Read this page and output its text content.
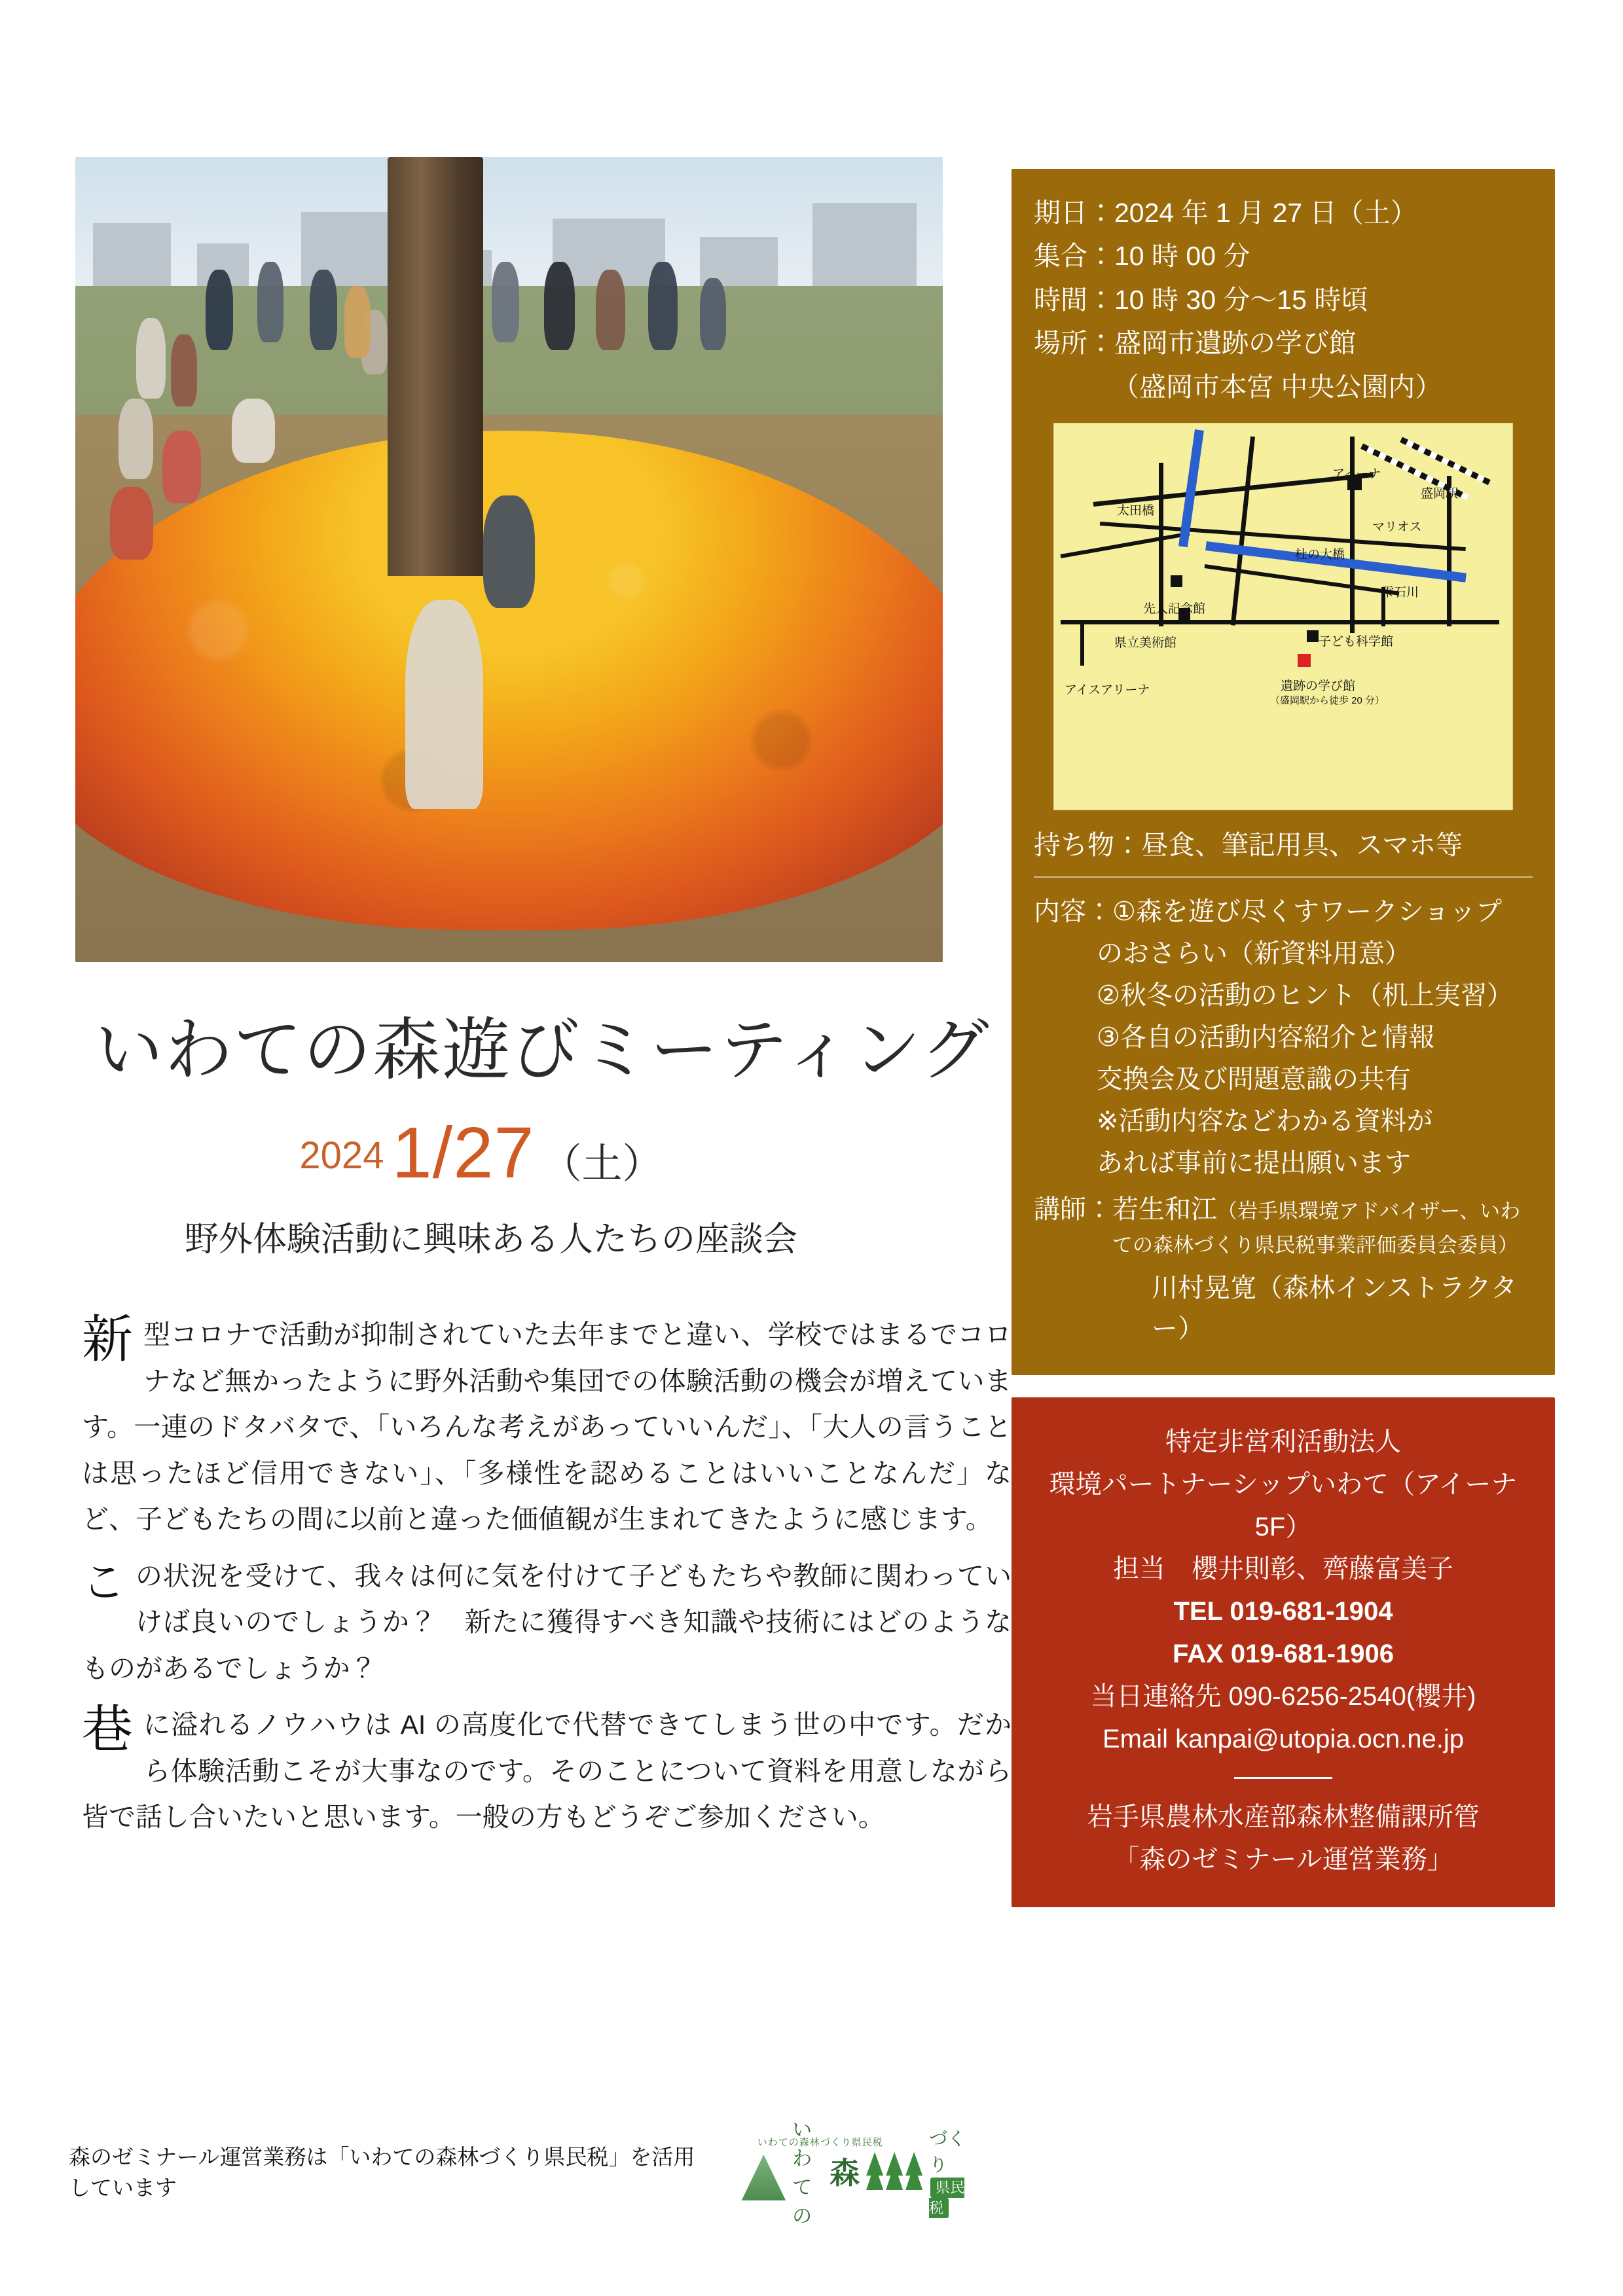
いわての森遊びミーティング
2024 1/27 （土）
野外体験活動に興味ある人たちの座談会
新 型コロナで活動が抑制されていた去年までと違い、学校ではまるでコロナなど無かったように野外活動や集団での体験活動の機会が増えています。一連のドタバタで、「いろんな考えがあっていいんだ」、「大人の言うことは思ったほど信用できない」、「多様性を認めることはいいことなんだ」など、子どもたちの間に以前と違った価値観が生まれてきたように感じます。
こ の状況を受けて、我々は何に気を付けて子どもたちや教師に関わっていけば良いのでしょうか？　新たに獲得すべき知識や技術にはどのようなものがあるでしょうか？
巷 に溢れるノウハウは AI の高度化で代替できてしまう世の中です。だから体験活動こそが大事なのです。そのことについて資料を用意しながら皆で話し合いたいと思います。一般の方もどうぞご参加ください。
森のゼミナール運営業務は「いわての森林づくり県民税」を活用しています
いわての森林づくり県民税
いわ
ての
森
づくり
県民税
期日：2024 年 1 月 27 日（土）
集合：10 時 00 分
時間：10 時 30 分〜15 時頃
場所：盛岡市遺跡の学び館
（盛岡市本宮 中央公園内）
盛岡駅
アイーナ
マリオス
太田橋
杜の大橋
雫石川
先人記念館
県立美術館	子ども科学館
アイスアリーナ	遺跡の学び館
（盛岡駅から徒歩 20 分）
持ち物：昼食、筆記用具、スマホ等
内容：①森を遊び尽くすワークショップ
のおさらい（新資料用意）
②秋冬の活動のヒント（机上実習）
③各自の活動内容紹介と情報
交換会及び問題意識の共有
※活動内容などわかる資料が
あれば事前に提出願います
講師：若生和江（岩手県環境アドバイザー、いわ
ての森林づくり県民税事業評価委員会委員）
川村晃寛（森林インストラクター）
特定非営利活動法人
環境パートナーシップいわて（アイーナ 5F）
担当　櫻井則彰、齊藤富美子
TEL 019-681-1904
FAX 019-681-1906
当日連絡先 090-6256-2540(櫻井)
Email kanpai@utopia.ocn.ne.jp
岩手県農林水産部森林整備課所管
「森のゼミナール運営業務」
